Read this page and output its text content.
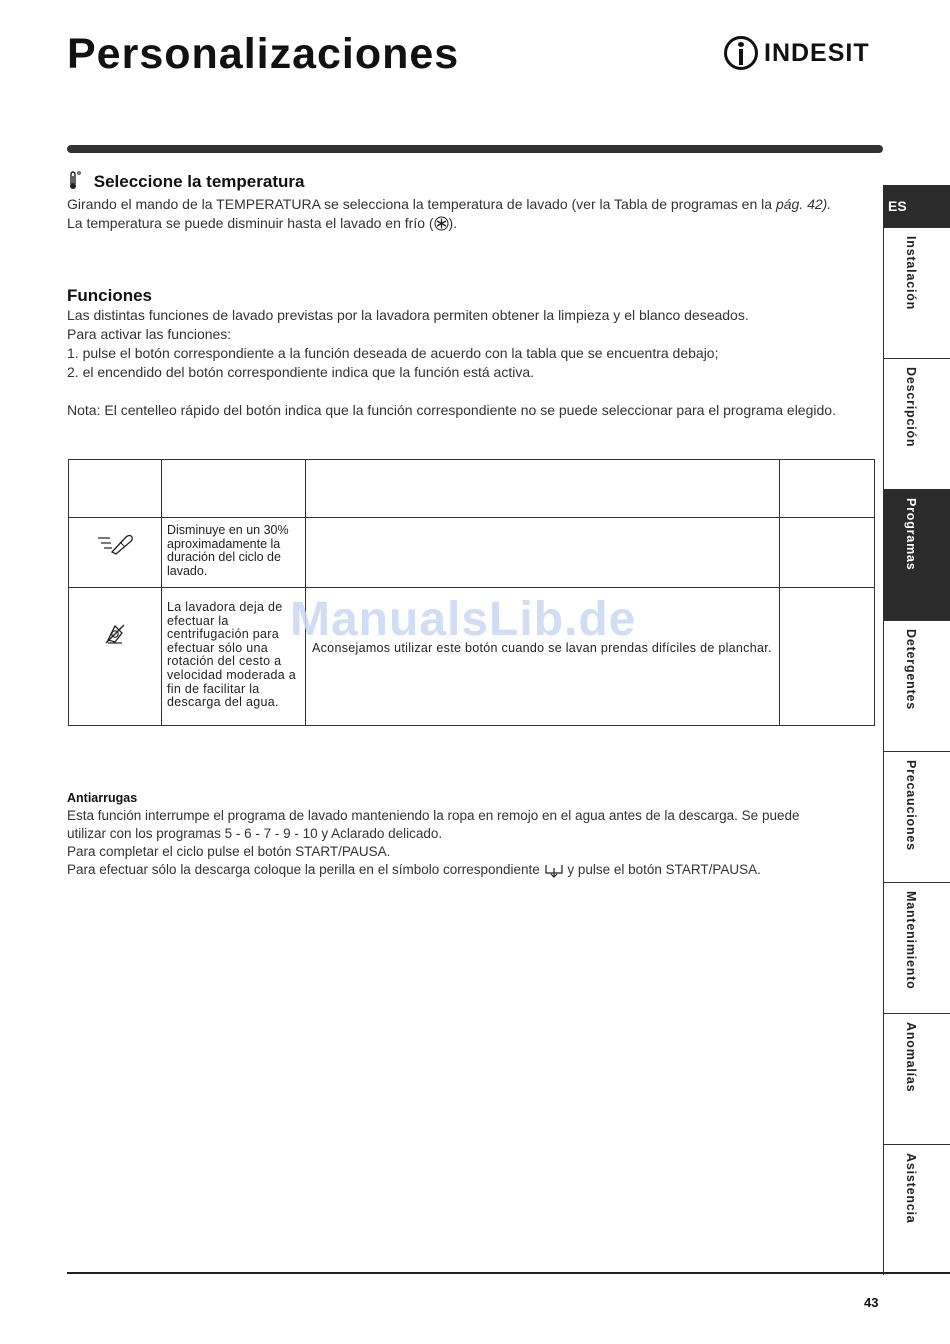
Personalizaciones	INDESIT
Seleccione la temperatura

Girando el mando de la TEMPERATURA se selecciona la temperatura de lavado (ver la Tabla de programas en la pág. 42).

La temperatura se puede disminuir hasta el lavado en frío ( ).

Funciones

Las distintas funciones de lavado previstas por la lavadora permiten obtener la limpieza y el blanco deseados.

Para activar las funciones:

1. pulse el botón correspondiente a la función deseada de acuerdo con la tabla que se encuentra debajo;

2. el encendido del botón correspondiente indica que la función está activa.

Nota: El centelleo rápido del botón indica que la función correspondiente no se puede seleccionar para el programa elegido.

Disminuye en un 30% aproximadamente la duración del ciclo de lavado.		

La lavadora deja de efectuar la centrifugación para efectuar sólo una rotación del cesto a velocidad moderada a fin de facilitar la descarga del agua.	Aconsejamos utilizar este botón cuando se lavan prendas difíciles de planchar.	

ManualsLib.de
Antiarrugas

Esta función interrumpe el programa de lavado manteniendo la ropa en remojo en el agua antes de la descarga. Se puede

utilizar con los programas 5 - 6 - 7 - 9 - 10 y Aclarado delicado.

Para completar el ciclo pulse el botón START/PAUSA.

Para efectuar sólo la descarga coloque la perilla en el símbolo correspondiente y pulse el botón START/PAUSA.

ES
Instalación
Descripción
Programas
Detergentes
Precauciones
Mantenimiento
Anomalías
Asistencia
43
